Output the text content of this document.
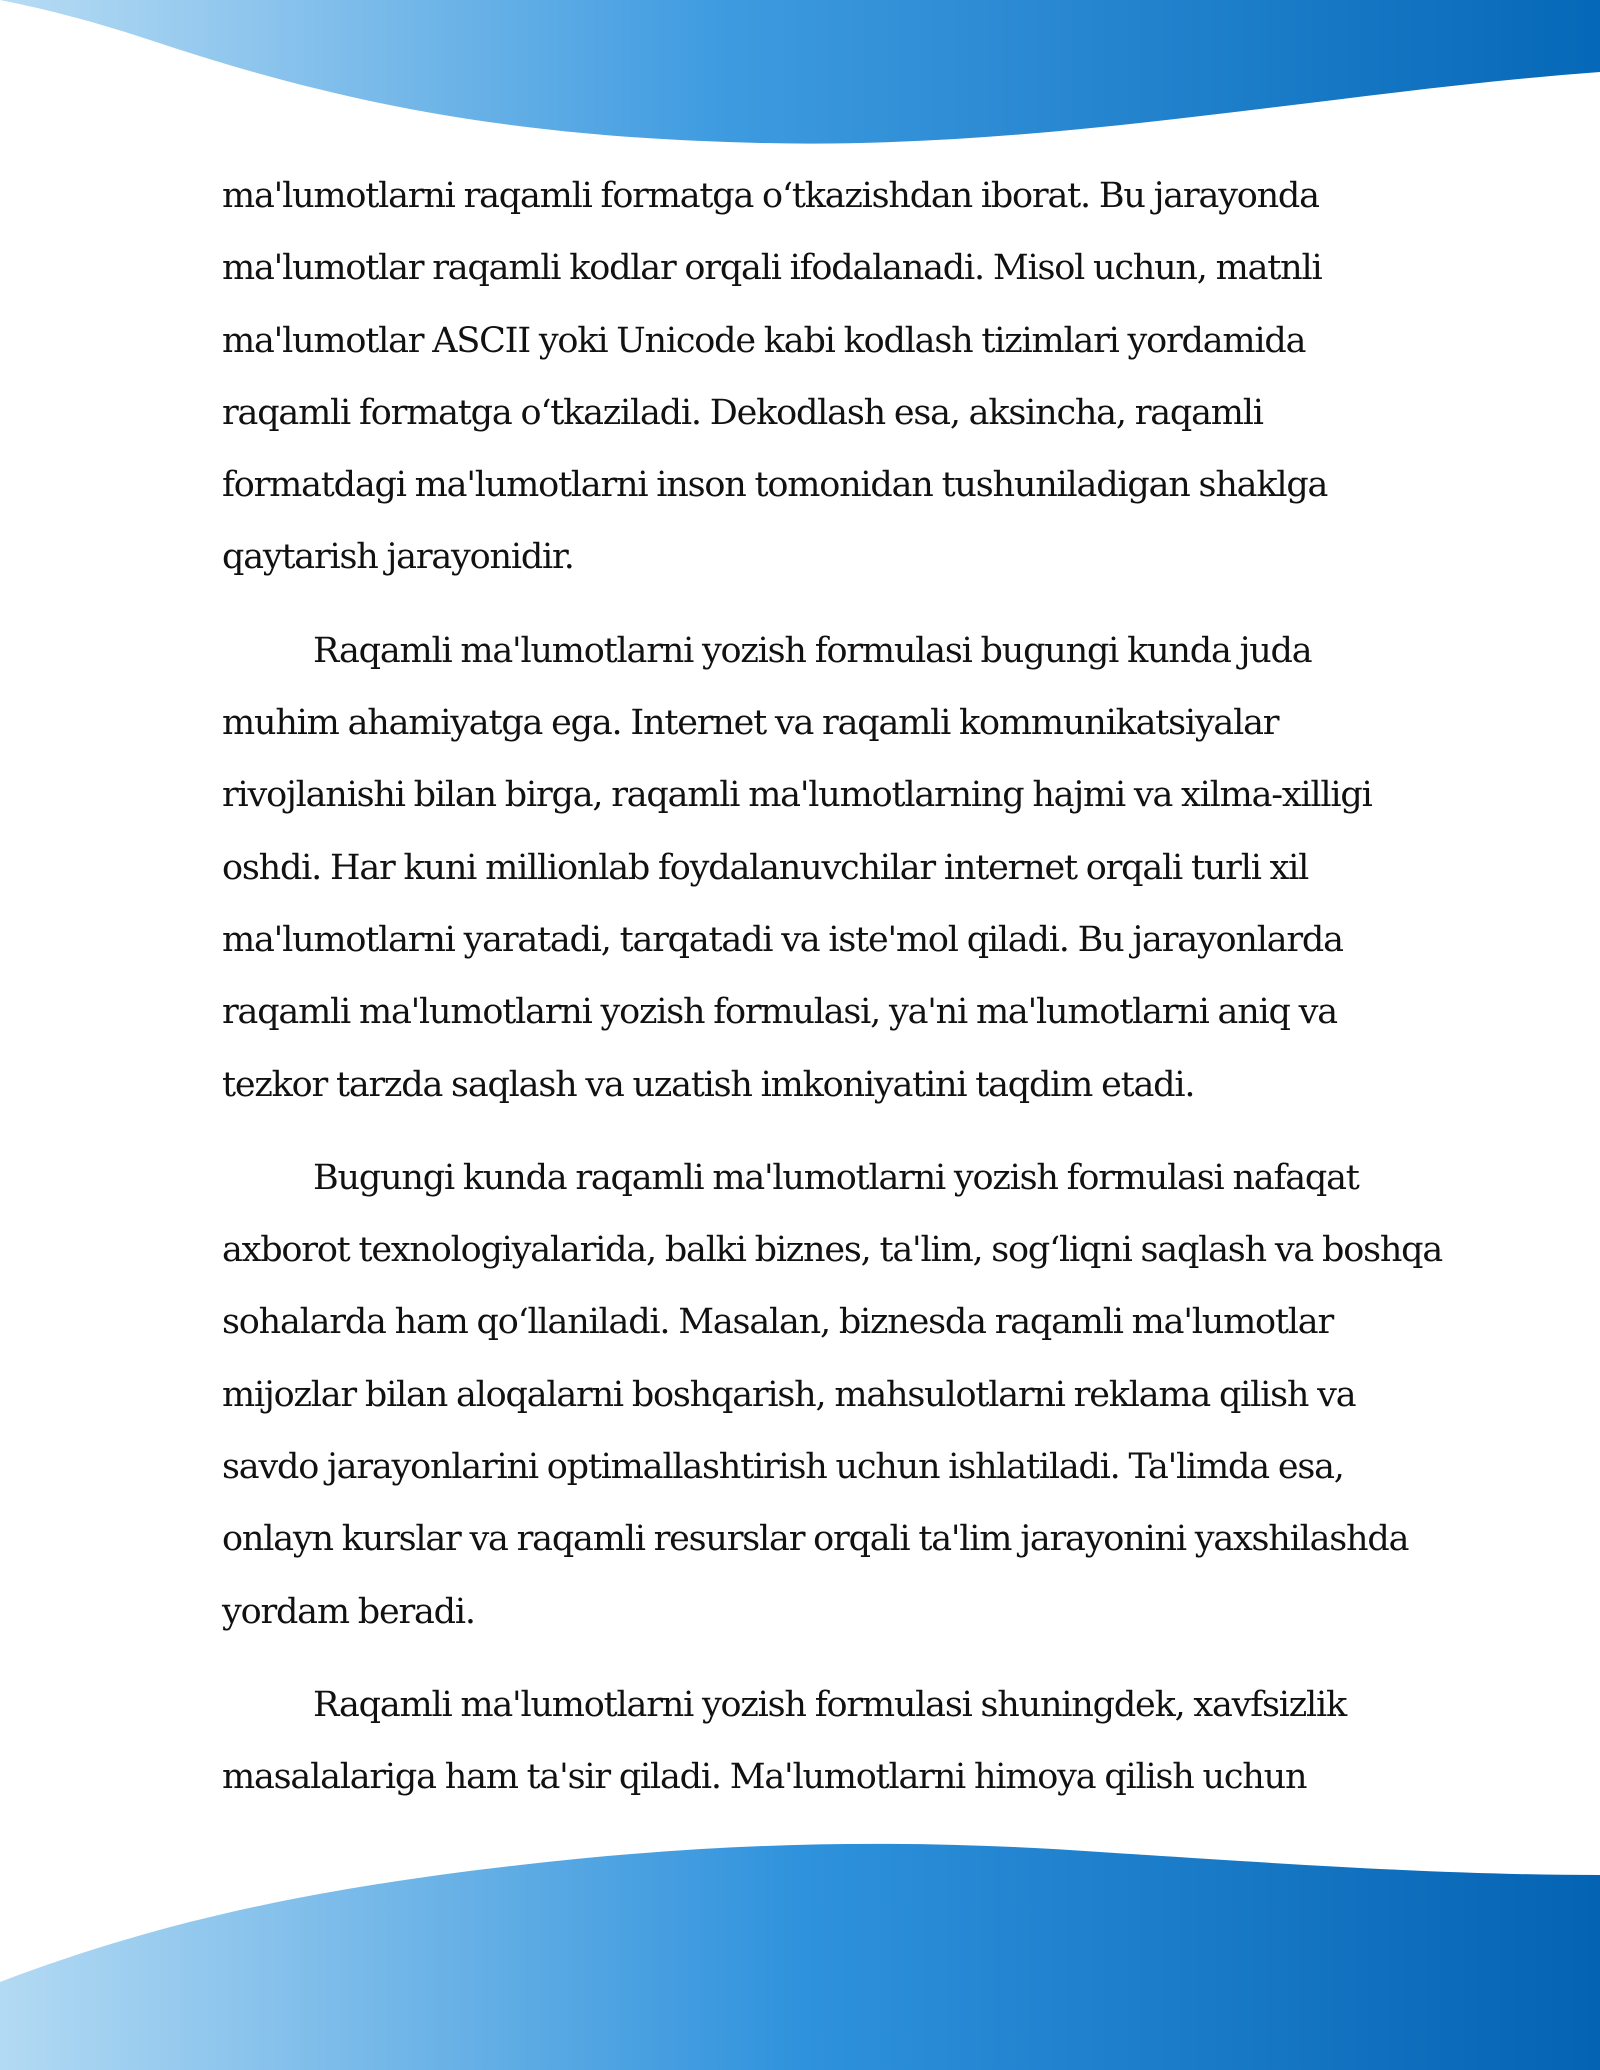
ma'lumotlarni raqamli formatga o‘tkazishdan iborat. Bu jarayonda
ma'lumotlar raqamli kodlar orqali ifodalanadi. Misol uchun, matnli
ma'lumotlar ASCII yoki Unicode kabi kodlash tizimlari yordamida
raqamli formatga o‘tkaziladi. Dekodlash esa, aksincha, raqamli
formatdagi ma'lumotlarni inson tomonidan tushuniladigan shaklga
qaytarish jarayonidir.

Raqamli ma'lumotlarni yozish formulasi bugungi kunda juda
muhim ahamiyatga ega. Internet va raqamli kommunikatsiyalar
rivojlanishi bilan birga, raqamli ma'lumotlarning hajmi va xilma-xilligi
oshdi. Har kuni millionlab foydalanuvchilar internet orqali turli xil
ma'lumotlarni yaratadi, tarqatadi va iste'mol qiladi. Bu jarayonlarda
raqamli ma'lumotlarni yozish formulasi, ya'ni ma'lumotlarni aniq va
tezkor tarzda saqlash va uzatish imkoniyatini taqdim etadi.

Bugungi kunda raqamli ma'lumotlarni yozish formulasi nafaqat
axborot texnologiyalarida, balki biznes, ta'lim, sog‘liqni saqlash va boshqa
sohalarda ham qo‘llaniladi. Masalan, biznesda raqamli ma'lumotlar
mijozlar bilan aloqalarni boshqarish, mahsulotlarni reklama qilish va
savdo jarayonlarini optimallashtirish uchun ishlatiladi. Ta'limda esa,
onlayn kurslar va raqamli resurslar orqali ta'lim jarayonini yaxshilashda
yordam beradi.

Raqamli ma'lumotlarni yozish formulasi shuningdek, xavfsizlik
masalalariga ham ta'sir qiladi. Ma'lumotlarni himoya qilish uchun
